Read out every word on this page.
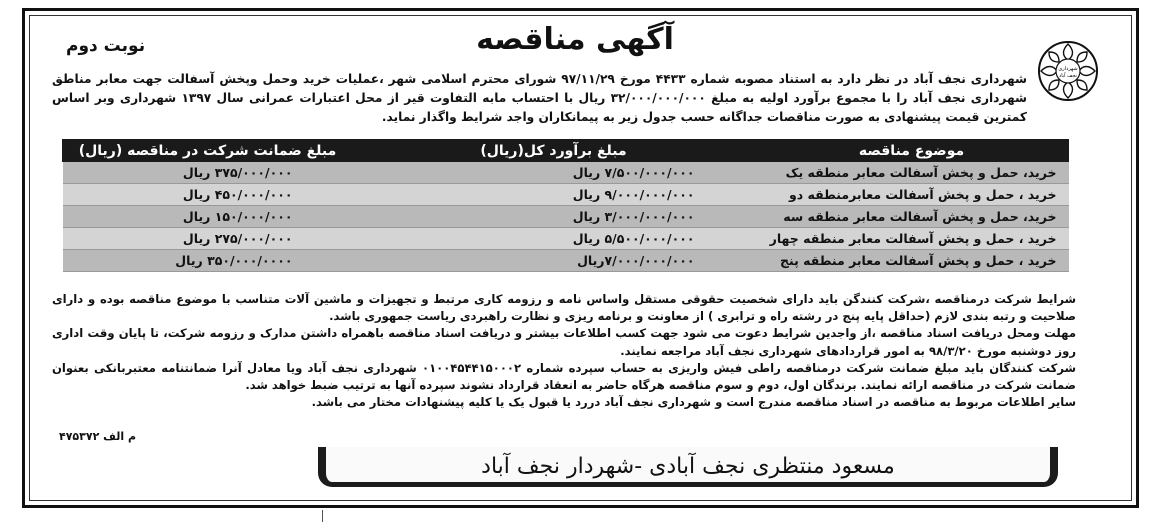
آگهی مناقصه
نوبت دوم
شهرداری
نجف آباد
شهرداری نجف آباد در نظر دارد به استناد مصوبه شماره ۴۴۳۳ مورخ ۹۷/۱۱/۲۹ شورای محترم اسلامی شهر ،عملیات خرید وحمل وپخش آسفالت جهت معابر مناطق شهرداری نجف آباد را با مجموع برآورد اولیه به مبلغ ۳۲/۰۰۰/۰۰۰/۰۰۰ ریال با احتساب مابه التفاوت قیر از محل اعتبارات عمرانی سال ۱۳۹۷ شهرداری وبر اساس کمترین قیمت پیشنهادی به صورت مناقصات جداگانه حسب جدول زیر به پیمانکاران واجد شرایط واگذار نماید.
موضوع مناقصه	مبلغ برآورد کل(ریال)	مبلغ ضمانت شرکت در مناقصه (ریال)
خرید، حمل و پخش آسفالت معابر منطقه یک	۷/۵۰۰/۰۰۰/۰۰۰ ریال	۳۷۵/۰۰۰/۰۰۰ ریال
خرید ، حمل و پخش آسفالت معابرمنطقه دو	۹/۰۰۰/۰۰۰/۰۰۰ ریال	۴۵۰/۰۰۰/۰۰۰ ریال
خرید، حمل و پخش آسفالت معابر منطقه سه	۳/۰۰۰/۰۰۰/۰۰۰ ریال	۱۵۰/۰۰۰/۰۰۰ ریال
خرید ، حمل و پخش آسفالت معابر منطقه چهار	۵/۵۰۰/۰۰۰/۰۰۰ ریال	۲۷۵/۰۰۰/۰۰۰ ریال
خرید ، حمل و پخش آسفالت معابر منطقه پنج	۷/۰۰۰/۰۰۰/۰۰۰ریال	۳۵۰/۰۰۰/۰۰۰۰ ریال

شرایط شرکت درمناقصه ،شرکت کنندگن باید دارای شخصیت حقوقی مستقل واساس نامه و رزومه کاری مرتبط و تجهیزات و ماشین آلات متناسب با موضوع مناقصه بوده و دارای صلاحیت و رتبه بندی لازم (حداقل پایه پنج در رشته راه و ترابری ) از معاونت و برنامه ریزی و نظارت راهبردی ریاست جمهوری باشد.

مهلت ومحل دریافت اسناد مناقصه ،از واجدین شرایط دعوت می شود جهت کسب اطلاعات بیشتر و دریافت اسناد مناقصه باهمراه داشتن مدارک و رزومه شرکت، تا پایان وقت اداری روز دوشنبه مورخ ۹۸/۳/۲۰ به امور قراردادهای شهرداری نجف آباد مراجعه نمایند.

شرکت کنندگان باید مبلغ ضمانت شرکت درمناقصه راطی فیش واریزی به حساب سپرده شماره ۰۱۰۰۴۵۴۴۱۵۰۰۰۲ شهرداری نجف آباد ویا معادل آنرا ضمانتنامه معتبربانکی بعنوان ضمانت شرکت در مناقصه ارائه نمایند. برندگان اول، دوم و سوم مناقصه هرگاه حاضر به انعقاد قرارداد نشوند سپرده آنها به ترتیب ضبط خواهد شد.

سایر اطلاعات مربوط به مناقصه در اسناد مناقصه مندرج است و شهرداری نجف آباد دررد یا قبول یک یا کلیه پیشنهادات مختار می باشد.

م الف ۴۷۵۳۷۲
مسعود منتظری نجف آبادی -شهردار نجف آباد
